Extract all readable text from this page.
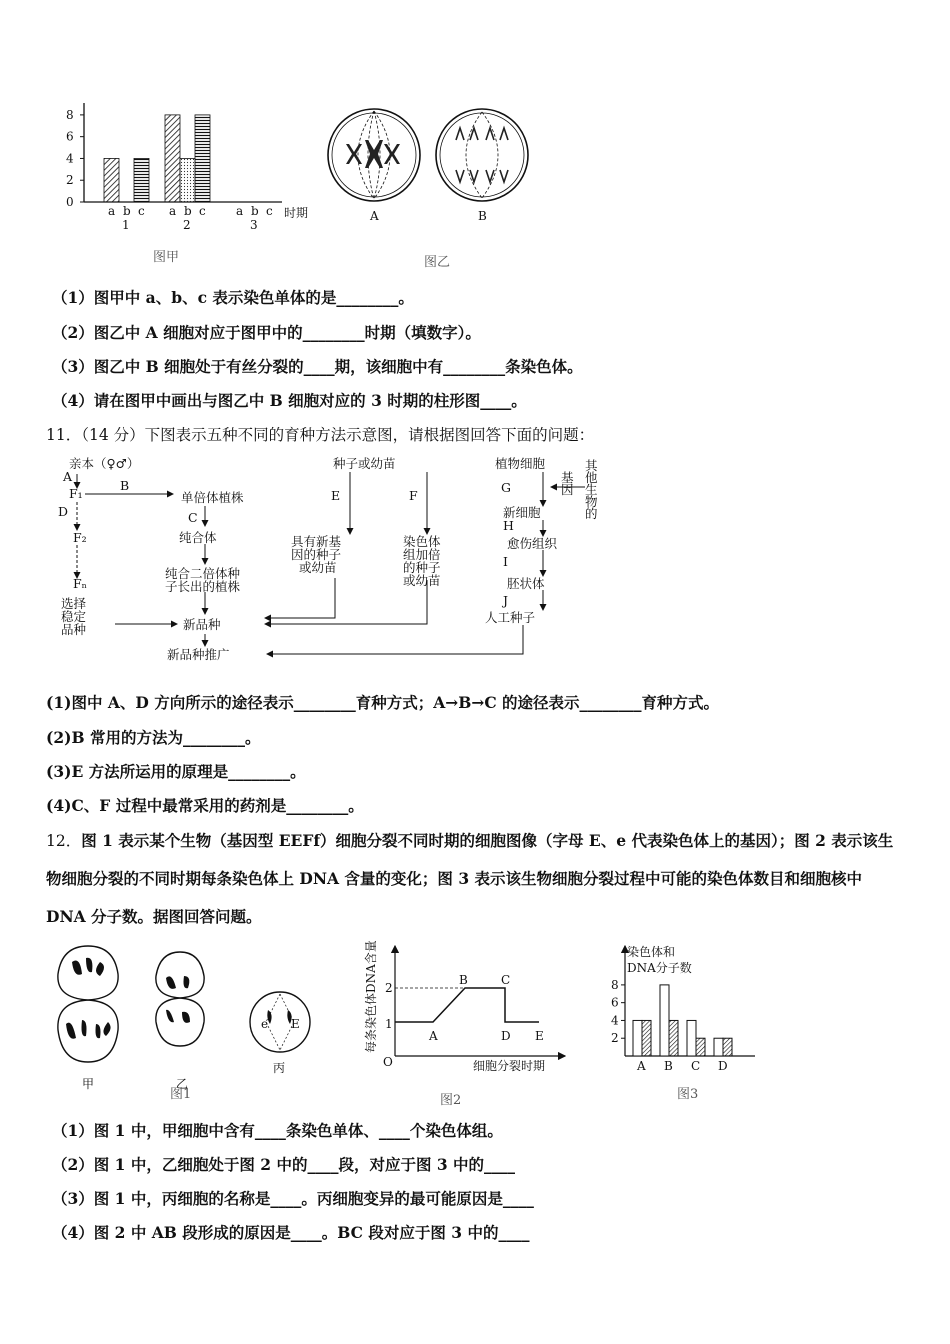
8
6
4
2
0
a b c a b c	a b c
1	2	3
时期
图甲
A	B
图乙
（1）图甲中 a、b、c 表示染色单体的是________。
（2）图乙中 A 细胞对应于图甲中的________时期（填数字）。
（3）图乙中 B 细胞处于有丝分裂的____期，该细胞中有________条染色体。
（4）请在图甲中画出与图乙中 B 细胞对应的 3 时期的柱形图____。
11．（14 分）下图表示五种不同的育种方法示意图，请根据图回答下面的问题：
亲本（♀♂）
A
F₁
B
D
F₂
Fₙ
选择
稳定
品种
单倍体植株
C
纯合体
纯合二倍体种
子长出的植株
新品种
新品种推广
种子或幼苗
E
具有新基
因的种子
或幼苗
F
染色体
组加倍
的种子
或幼苗
植物细胞	其
他
生
物
的
基
因
G
新细胞
H
愈伤组织
I
胚状体
J
人工种子
(1)图中 A、D 方向所示的途径表示________育种方式；A→B→C 的途径表示________育种方式。
(2)B 常用的方法为________。
(3)E 方法所运用的原理是________。
(4)C、F 过程中最常采用的药剂是________。
12．图 1 表示某个生物（基因型 EEFf）细胞分裂不同时期的细胞图像（字母 E、e 代表染色体上的基因）；图 2 表示该生物细胞分裂的不同时期每条染色体上 DNA 含量的变化；图 3 表示该生物细胞分裂过程中可能的染色体数目和细胞核中 DNA 分子数。据图回答问题。
甲	乙
e E
丙
图1
每条染色体DNA含量
O
2
1
A
B	C
D E
细胞分裂时期
图2
染色体和
DNA分子数
8
6
4
2
A B C D
图3
（1）图 1 中，甲细胞中含有____条染色单体、____个染色体组。
（2）图 1 中，乙细胞处于图 2 中的____段，对应于图 3 中的____
（3）图 1 中，丙细胞的名称是____。丙细胞变异的最可能原因是____
（4）图 2 中 AB 段形成的原因是____。BC 段对应于图 3 中的____
